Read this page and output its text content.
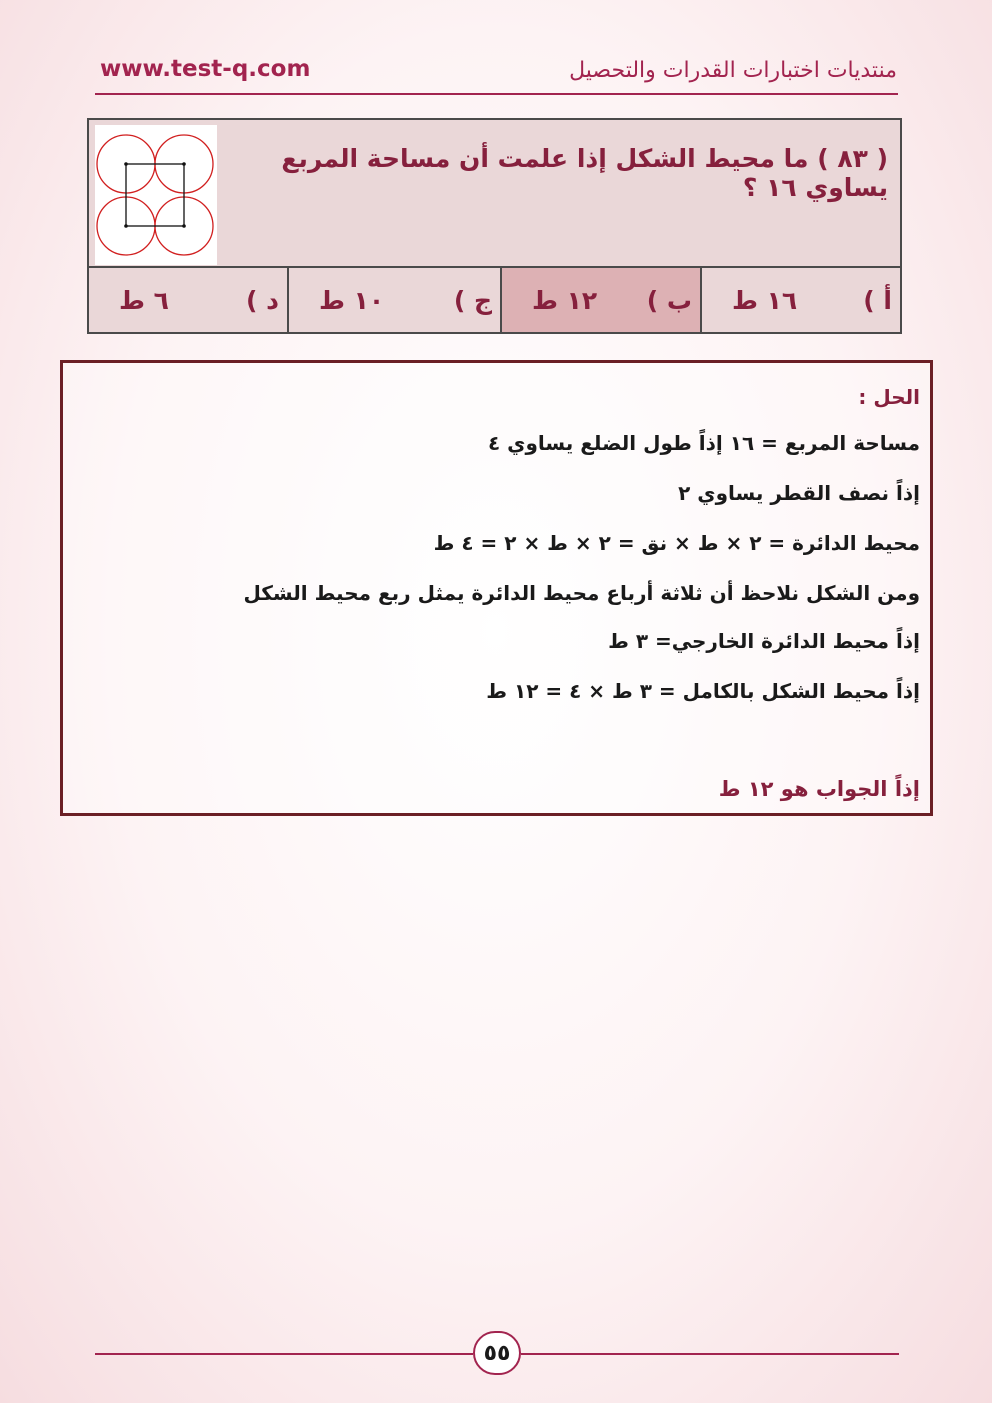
www.test-q.com	منتديات اختبارات القدرات والتحصيل
( ٨٣ ) ما محيط الشكل إذا علمت أن مساحة المربع يساوي ١٦ ؟
أ )
١٦ ط
ب )
١٢ ط
ج )
١٠ ط
د )
٦ ط
الحل :
مساحة المربع = ١٦ إذاً طول الضلع يساوي ٤
إذاً نصف القطر يساوي ٢
محيط الدائرة = ٢ × ط × نق = ٢ × ط × ٢ = ٤ ط
ومن الشكل نلاحظ أن ثلاثة أرباع محيط الدائرة يمثل ربع محيط الشكل
إذاً محيط الدائرة الخارجي= ٣ ط
إذاً محيط الشكل بالكامل = ٣ ط × ٤ = ١٢ ط
إذاً الجواب هو ١٢ ط
٥٥
